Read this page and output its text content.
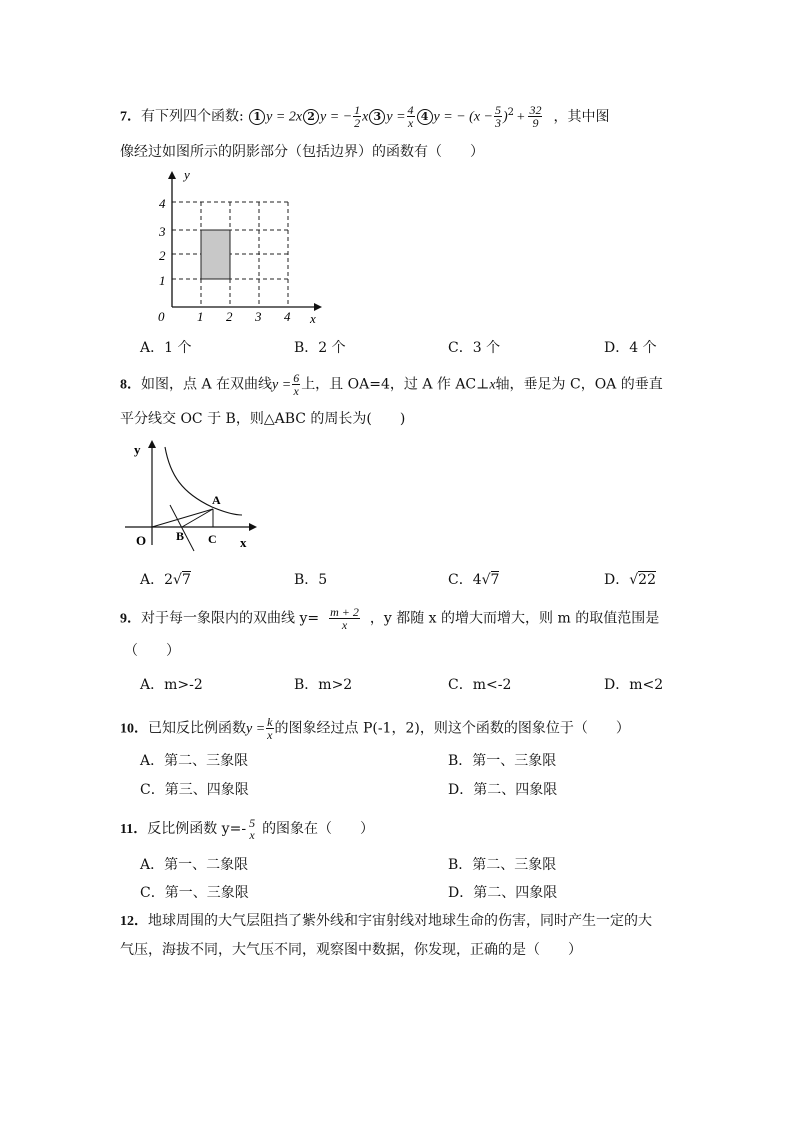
7．有下列四个函数: 1 y = 2x 2 y = − $\frac{1}{2}$ x 3 $y = \frac{4}{x} 4$ y = − $(x - \frac{5}{3} )^2 + \frac{32}{9}$ ，其中图
像经过如图所示的阴影部分（包括边界）的函数有（　　）
y
x
0	1 2 3 4
1
2
3
4
A．1 个	B．2 个	C．3 个	D．4 个
8．如图，点 A 在双曲线$y = \frac{6}{x}$ 上，且 OA=4，过 A 作 AC⊥x轴，垂足为 C，OA 的垂直
平分线交 OC 于 B，则△ABC 的周长为(　　)
y
x
O
A
B C
A．2√7	B．5	C．4√7	D．√22
9．对于每一象限内的双曲线 $y= \frac{m + 2}{x}$ ，y 都随 x 的增大而增大，则 m 的取值范围是
（　　）
A．m>-2	B．m>2	C．m<-2	D．m<2
10．已知反比例函数$y = \frac{k}{x}$ 的图象经过点 P(-1，2)，则这个函数的图象位于（　　）
A．第二、三象限	B．第一、三象限
C．第三、四象限	D．第二、四象限
11．反比例函数 y=- 5
x 的图象在（　　）
A．第一、二象限	B．第二、三象限
C．第一、三象限	D．第二、四象限
12．地球周围的大气层阻挡了紫外线和宇宙射线对地球生命的伤害，同时产生一定的大
气压，海拔不同，大气压不同，观察图中数据，你发现，正确的是（　　）
